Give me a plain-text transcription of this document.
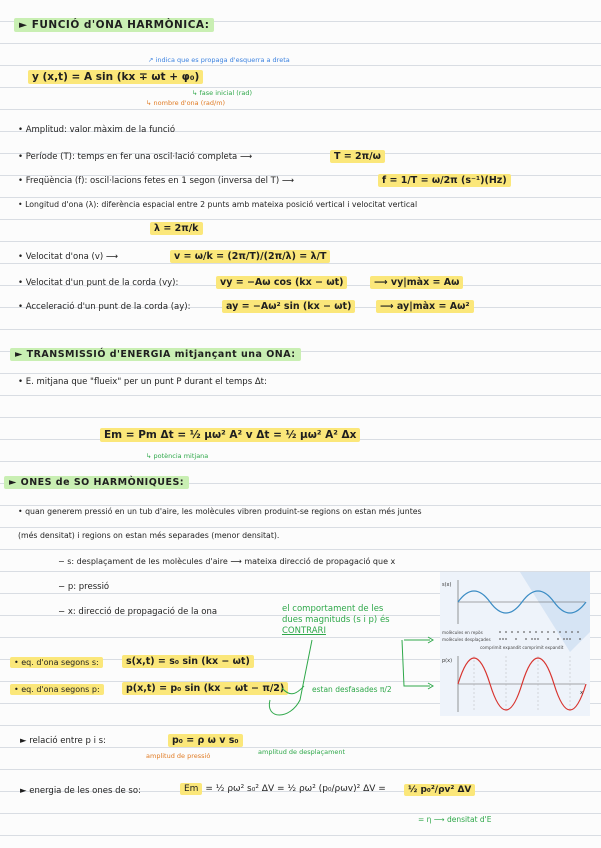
► FUNCIÓ d'ONA HARMÒNICA:
↗ indica que es propaga d'esquerra a dreta
y (x,t) = A sin (kx ∓ ωt + φ₀)
↳ fase inicial (rad)
↳ nombre d'ona (rad/m)
• Amplitud: valor màxim de la funció
• Període (T): temps en fer una oscil·lació completa ⟶	T = 2π/ω
• Freqüència (f): oscil·lacions fetes en 1 segon (inversa del T) ⟶	f = 1/T = ω/2π (s⁻¹)(Hz)
• Longitud d'ona (λ): diferència espacial entre 2 punts amb mateixa posició vertical i velocitat vertical
λ = 2π/k
• Velocitat d'ona (v) ⟶	v = ω/k = (2π/T)/(2π/λ) = λ/T
• Velocitat d'un punt de la corda (vy):	vy = −Aω cos (kx − ωt)	⟶ vy|màx = Aω
• Acceleració d'un punt de la corda (ay):	ay = −Aω² sin (kx − ωt)	⟶ ay|màx = Aω²
► TRANSMISSIÓ d'ENERGIA mitjançant una ONA:
• E. mitjana que "flueix" per un punt P durant el temps Δt:
Em = Pm Δt = ½ μω² A² v Δt = ½ μω² A² Δx
↳ potència mitjana
► ONES de SO HARMÒNIQUES:
• quan generem pressió en un tub d'aire, les molècules vibren produint-se regions on estan més juntes
(més densitat) i regions on estan més separades (menor densitat).
− s: desplaçament de les molècules d'aire ⟶ mateixa direcció de propagació que x
− p: pressió
− x: direcció de propagació de la ona	el comportament de les dues magnituds (s i p) és CONTRARI
• eq. d'ona segons s:	s(x,t) = s₀ sin (kx − ωt)
• eq. d'ona segons p:	p(x,t) = p₀ sin (kx − ωt − π/2)	estan desfasades π/2
s(x)
molècules en repòs
molècules desplaçades
comprimit expandit comprimit expandit
p(x)
x
► relació entre p i s:	p₀ = ρ ω v s₀
amplitud de pressió	amplitud de desplaçament
► energia de les ones de so:	Em = ½ ρω² s₀² ΔV = ½ ρω² (p₀/ρωv)² ΔV =	½ p₀²/ρv² ΔV
= η ⟶ densitat d'E
